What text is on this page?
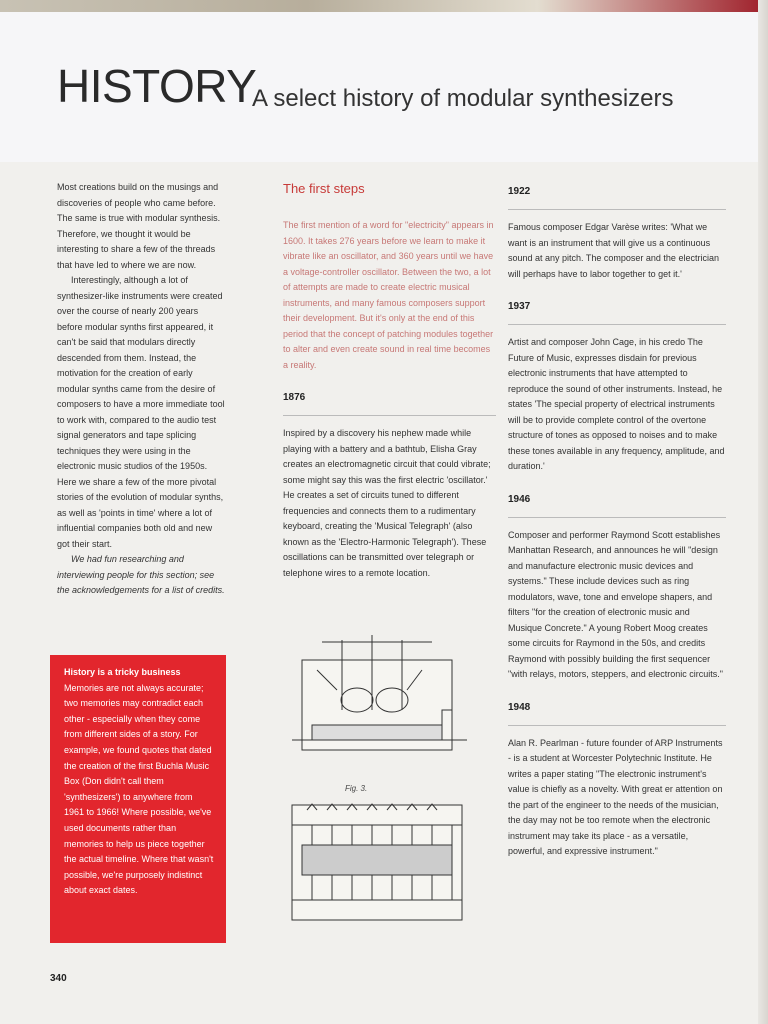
HISTORY
A select history of modular synthesizers

Most creations build on the musings and discoveries of people who came before. The same is true with modular synthesis. Therefore, we thought it would be interesting to share a few of the threads that have led to where we are now.

Interestingly, although a lot of synthesizer-like instruments were created over the course of nearly 200 years before modular synths first appeared, it can't be said that modulars directly descended from them. Instead, the motivation for the creation of early modular synths came from the desire of composers to have a more immediate tool to work with, compared to the audio test signal generators and tape splicing techniques they were using in the electronic music studios of the 1950s. Here we share a few of the more pivotal stories of the evolution of modular synths, as well as 'points in time' where a lot of influential companies both old and new got their start.

We had fun researching and interviewing people for this section; see the acknowledgements for a list of credits.

History is a tricky business
Memories are not always accurate; two memories may contradict each other - especially when they come from different sides of a story. For example, we found quotes that dated the creation of the first Buchla Music Box (Don didn't call them 'synthesizers') to anywhere from 1961 to 1966! Where possible, we've used documents rather than memories to help us piece together the actual timeline. Where that wasn't possible, we're purposely indistinct about exact dates.
The first steps

The first mention of a word for "electricity" appears in 1600. It takes 276 years before we learn to make it vibrate like an oscillator, and 360 years until we have a voltage-controller oscillator. Between the two, a lot of attempts are made to create electric musical instruments, and many famous composers support their development. But it's only at the end of this period that the concept of patching modules together to alter and even create sound in real time becomes a reality.

1876

Inspired by a discovery his nephew made while playing with a battery and a bathtub, Elisha Gray creates an electromagnetic circuit that could vibrate; some might say this was the first electric 'oscillator.' He creates a set of circuits tuned to different frequencies and connects them to a rudimentary keyboard, creating the 'Musical Telegraph' (also known as the 'Electro-Harmonic Telegraph'). These oscillations can be transmitted over telegraph or telephone wires to a remote location.

Fig. 3.
1922

Famous composer Edgar Varèse writes: 'What we want is an instrument that will give us a continuous sound at any pitch. The composer and the electrician will perhaps have to labor together to get it.'

1937

Artist and composer John Cage, in his credo The Future of Music, expresses disdain for previous electronic instruments that have attempted to reproduce the sound of other instruments. Instead, he states 'The special property of electrical instruments will be to provide complete control of the overtone structure of tones as opposed to noises and to make these tones available in any frequency, amplitude, and duration.'

1946

Composer and performer Raymond Scott establishes Manhattan Research, and announces he will "design and manufacture electronic music devices and systems." These include devices such as ring modulators, wave, tone and envelope shapers, and filters "for the creation of electronic music and Musique Concrete." A young Robert Moog creates some circuits for Raymond in the 50s, and credits Raymond with possibly building the first sequencer "with relays, motors, steppers, and electronic circuits."

1948

Alan R. Pearlman - future founder of ARP Instruments - is a student at Worcester Polytechnic Institute. He writes a paper stating "The electronic instrument's value is chiefly as a novelty. With great er attention on the part of the engineer to the needs of the musician, the day may not be too remote when the electronic instrument may take its place - as a versatile, powerful, and expressive instrument."

340
